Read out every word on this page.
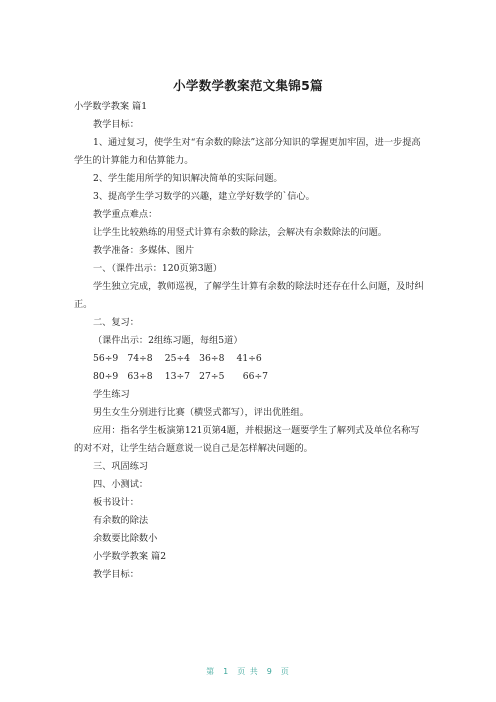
小学数学教案范文集锦5篇

小学数学教案 篇1

教学目标：

1、通过复习，使学生对“有余数的除法”这部分知识的掌握更加牢固，进一步提高学生的计算能力和估算能力。

2、学生能用所学的知识解决简单的实际问题。

3、提高学生学习数学的兴趣，建立学好数学的`信心。

教学重点难点：

让学生比较熟练的用竖式计算有余数的除法，会解决有余数除法的问题。

教学准备：多媒体、图片

一、（课件出示：120页第3题）

学生独立完成，教师巡视，了解学生计算有余数的除法时还存在什么问题，及时纠正。

二、复习：

（课件出示：2组练习题，每组5道）

56÷9　74÷8　 25÷4　36÷8　 41÷6

80÷9　63÷8　 13÷7　27÷5　　66÷7

学生练习

男生女生分别进行比赛（横竖式都写），评出优胜组。

应用：指名学生板演第121页第4题，并根据这一题要学生了解列式及单位名称写的对不对，让学生结合题意说一说自己是怎样解决问题的。

三、巩固练习

四、小测试：

板书设计：

有余数的除法

余数要比除数小

小学数学教案 篇2

教学目标：

第 1 页 共 9 页
